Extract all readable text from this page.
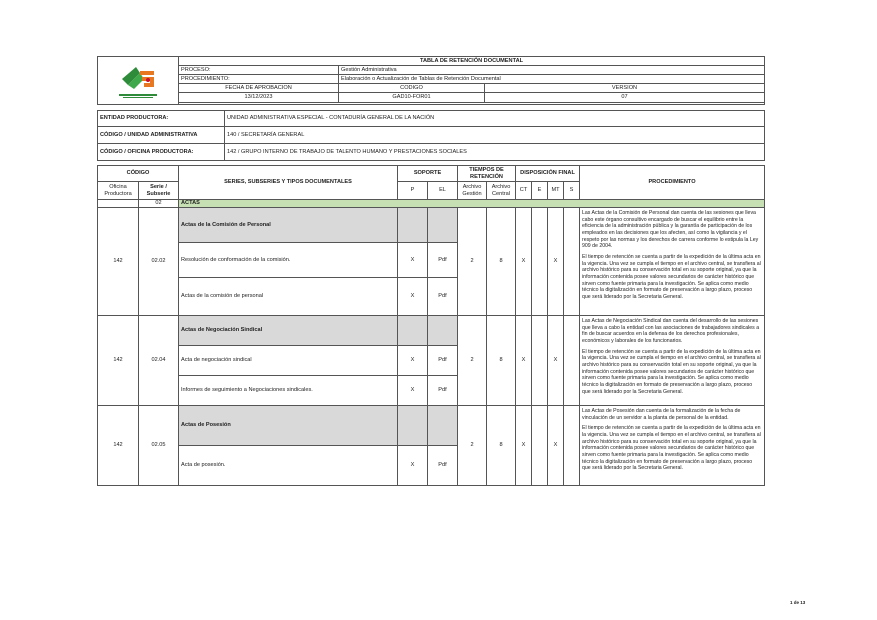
	TABLA DE RETENCIÓN DOCUMENTAL		
	PROCESO:	Gestión Administrativa	
	PROCEDIMIENTO:	Elaboración o Actualización de Tablas de Retención Documental	
	FECHA DE APROBACION	CODIGO	VERSION
	13/12/2023	GAD10-FOR01	07

ENTIDAD PRODUCTORA:	UNIDAD ADMINISTRATIVA ESPECIAL - CONTADURÍA GENERAL DE LA NACIÓN
CÓDIGO / UNIDAD ADMINISTRATIVA	140 / SECRETARÍA GENERAL
CÓDIGO / OFICINA PRODUCTORA:	142 / GRUPO INTERNO DE TRABAJO DE TALENTO HUMANO Y PRESTACIONES SOCIALES
CÓDIGO		SERIES, SUBSERIES Y TIPOS DOCUMENTALES	SOPORTE		TIEMPOS DE RETENCIÓN		DISPOSICIÓN FINAL				PROCEDIMIENTO
Oficina Productora	Serie / Subserie		P	EL	Archivo Gestión	Archivo Central	CT	E	MT	S	
	02	ACTAS									
142	02.02	Actas de la Comisión de Personal			2	8	X		X		Las Actas de la Comisión de Personal dan cuenta de las sesiones que lleva cabo este órgano consultivo encargado de buscar el equilibrio entre la eficiencia de la administración pública y la garantía de participación de los empleados en las decisiones que los afecten, así como la vigilancia y el respeto por las normas y los derechos de carrera conforme lo estipula la Ley 909 de 2004.

El tiempo de retención se cuenta a partir de la expedición de la última acta en la vigencia. Una vez se cumpla el tiempo en el archivo central, se transfiera al archivo histórico para su conservación total en su soporte original, ya que la información contenida posee valores secundarios de carácter histórico que sirven como fuente primaria para la investigación. Se aplica como medio técnico la digitalización en formato de preservación a largo plazo, proceso que será liderado por la Secretaria General.

		Resolución de conformación de la comisión.	X	Pdf							
		Actas de la comisión de personal	X	Pdf							
142	02.04	Actas de Negociación Sindical			2	8	X		X		Las Actas de Negociación Sindical dan cuenta del desarrollo de las sesiones que lleva a cabo la entidad con las asociaciones de trabajadores sindicales a fin de buscar acuerdos en la defensa de los derechos profesionales, económicos y laborales de los funcionarios.

El tiempo de retención se cuenta a partir de la expedición de la última acta en la vigencia. Una vez se cumpla el tiempo en el archivo central, se transfiera al archivo histórico para su conservación total en su soporte original, ya que la información contenida posee valores secundarios de carácter histórico que sirven como fuente primaria para la investigación. Se aplica como medio técnico la digitalización en formato de preservación a largo plazo, proceso que será liderado por la Secretaria General.

		Acta de negociación sindical	X	Pdf							
		Informes de seguimiento a Negociaciones sindicales.	X	Pdf							
142	02.05	Actas de Posesión			2	8	X		X		Las Actas de Posesión dan cuenta de la formalización de la fecha de vinculación de un servidor a la planta de personal de la entidad.

El tiempo de retención se cuenta a partir de la expedición de la última acta en la vigencia. Una vez se cumpla el tiempo en el archivo central, se transfiera al archivo histórico para su conservación total en su soporte original, ya que la información contenida posee valores secundarios de carácter histórico que sirven como fuente primaria para la investigación. Se aplica como medio técnico la digitalización en formato de preservación a largo plazo, proceso que será liderado por la Secretaria General.

		Acta de posesión.	X	Pdf							
1 de 13
